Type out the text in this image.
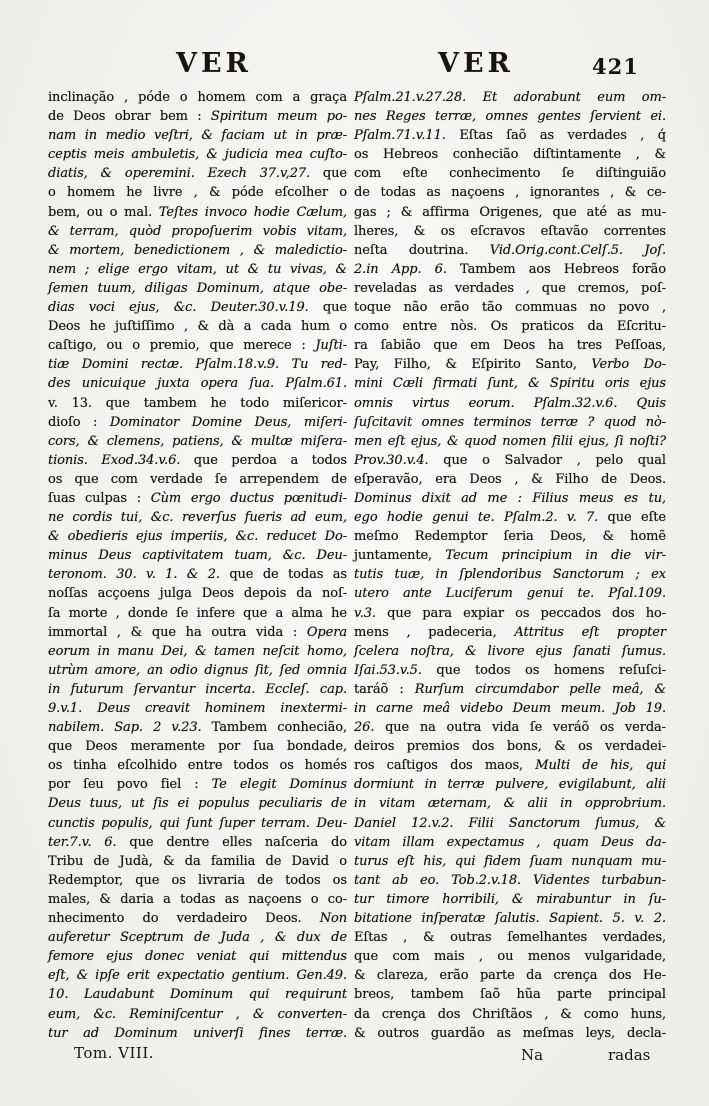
VER	VER	421
inclinação , póde o homem com a graça
de Deos obrar bem : Spiritum meum po-
nam in medio veſtri, & faciam ut in præ-
ceptis meis ambuletis, & judicia mea cuſto-
diatis, & operemini. Ezech 37.v,27. que
o homem he livre , & póde eſcolher o
bem, ou o mal. Teſtes invoco hodie Cælum,
& terram, quòd propoſuerim vobis vitam,
& mortem, benedictionem , & maledictio-
nem ; elige ergo vitam, ut & tu vivas, &
ſemen tuum, diligas Dominum, atque obe-
dias voci ejus, &c. Deuter.30.v.19. que
Deos he juſtiſſimo , & dà a cada hum o
caſtigo, ou o premio, que merece : Juſti-
tiæ Domini rectæ. Pſalm.18.v.9. Tu red-
des unicuique juxta opera ſua. Pſalm.61.
v. 13. que tambem he todo miſericor-
dioſo : Dominator Domine Deus, miſeri-
cors, & clemens, patiens, & multæ miſera-
tionis. Exod.34.v.6. que perdoa a todos
os que com verdade ſe arrependem de
ſuas culpas : Cùm ergo ductus pœnitudi-
ne cordis tui, &c. reverſus fueris ad eum,
& obedieris ejus imperiis, &c. reducet Do-
minus Deus captivitatem tuam, &c. Deu-
teronom. 30. v. 1. & 2. que de todas as
noſſas acçoens julga Deos depois da noſ-
ſa morte , donde ſe infere que a alma he
immortal , & que ha outra vida : Opera
eorum in manu Dei, & tamen neſcit homo,
utrùm amore, an odio dignus ſit, ſed omnia
in futurum ſervantur incerta. Eccleſ. cap.
9.v.1. Deus creavit hominem inextermi-
nabilem. Sap. 2 v.23. Tambem conhecião,
que Deos meramente por ſua bondade,
os tinha eſcolhido entre todos os homés
por ſeu povo fiel : Te elegit Dominus
Deus tuus, ut ſis ei populus peculiaris de
cunctis populis, qui ſunt ſuper terram. Deu-
ter.7.v. 6. que dentre elles naſceria do
Tribu de Judà, & da familia de David o
Redemptor, que os livraria de todos os
males, & daria a todas as naçoens o co-
nhecimento do verdadeiro Deos. Non
auferetur Sceptrum de Juda , & dux de
femore ejus donec veniat qui mittendus
eſt, & ipſe erit expectatio gentium. Gen.49.
10. Laudabunt Dominum qui requirunt
eum, &c. Reminiſcentur , & converten-
tur ad Dominum univerſi fines terræ.
Pſalm.21.v.27.28. Et adorabunt eum om-
nes Reges terræ, omnes gentes ſervient ei.
Pſalm.71.v.11. Eſtas ſaõ as verdades , q́
os Hebreos conhecião diſtintamente , &
com eſte conhecimento ſe diſtinguião
de todas as naçoens , ignorantes , & ce-
gas ; & affirma Origenes, que até as mu-
lheres, & os eſcravos eſtavão correntes
neſta doutrina. Vid.Orig.cont.Celſ.5. Joſ.
2.in App. 6. Tambem aos Hebreos forão
reveladas as verdades , que cremos, poſ-
toque não erão tão commuas no povo ,
como entre nòs. Os praticos da Eſcritu-
ra ſabião que em Deos ha tres Peſſoas,
Pay, Filho, & Eſpirito Santo, Verbo Do-
mini Cæli firmati ſunt, & Spiritu oris ejus
omnis virtus eorum. Pſalm.32.v.6. Quis
ſuſcitavit omnes terminos terræ ? quod nò-
men eſt ejus, & quod nomen filii ejus, ſi noſti?
Prov.30.v.4. que o Salvador , pelo qual
eſperavão, era Deos , & Filho de Deos.
Dominus dixit ad me : Filius meus es tu,
ego hodie genui te. Pſalm.2. v. 7. que eſte
meſmo Redemptor ſeria Deos, & homẽ
juntamente, Tecum principium in die vir-
tutis tuæ, in ſplendoribus Sanctorum ; ex
utero ante Luciferum genui te. Pſal.109.
v.3. que para expiar os peccados dos ho-
mens , padeceria, Attritus eſt propter
ſcelera noſtra, & livore ejus ſanati ſumus.
Iſai.53.v.5. que todos os homens reſuſci-
taráõ : Rurſum circumdabor pelle meâ, &
in carne meâ videbo Deum meum. Job 19.
26. que na outra vida ſe veráõ os verda-
deiros premios dos bons, & os verdadei-
ros caſtigos dos maos, Multi de his, qui
dormiunt in terræ pulvere, evigilabunt, alii
in vitam æternam, & alii in opprobrium.
Daniel 12.v.2. Filii Sanctorum ſumus, &
vitam illam expectamus , quam Deus da-
turus eſt his, qui fidem ſuam nunquam mu-
tant ab eo. Tob.2.v.18. Videntes turbabun-
tur timore horribili, & mirabuntur in ſu-
bitatione inſperatæ ſalutis. Sapient. 5. v. 2.
Eſtas , & outras ſemelhantes verdades,
que com mais , ou menos vulgaridade,
& clareza, erão parte da crença dos He-
breos, tambem ſaõ hũa parte principal
da crença dos Chriſtãos , & como huns,
& outros guardão as meſmas leys, decla-
Tom. VIII.	Na	radas
